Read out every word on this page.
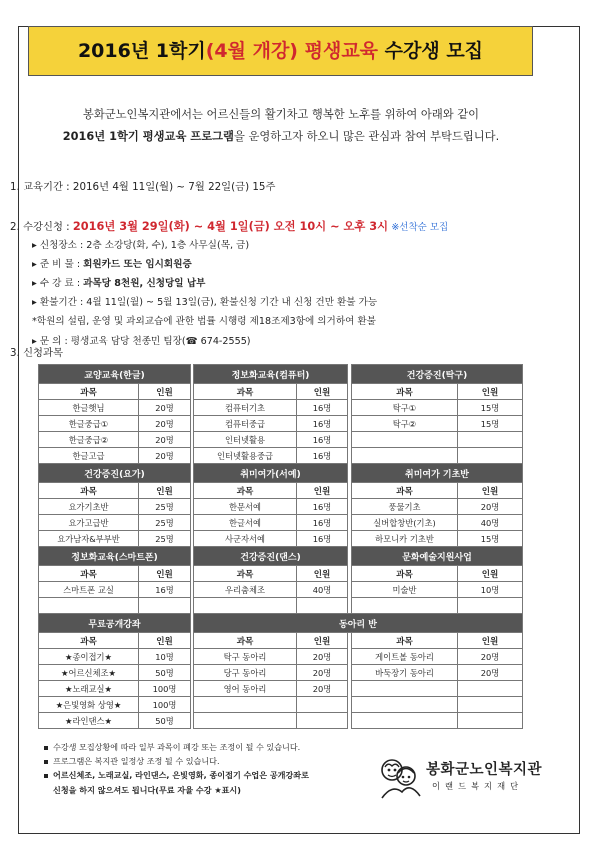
2016년 1학기(4월 개강) 평생교육 수강생 모집
봉화군노인복지관에서는 어르신들의 활기차고 행복한 노후를 위하여 아래와 같이
2016년 1학기 평생교육 프로그램을 운영하고자 하오니 많은 관심과 참여 부탁드립니다.
1. 교육기간 : 2016년 4월 11일(월) ~ 7월 22일(금) 15주
2. 수강신청 : 2016년 3월 29일(화) ~ 4월 1일(금) 오전 10시 ~ 오후 3시 ※선착순 모집
▸ 신청장소 : 2층 소강당(화, 수), 1층 사무실(목, 금)
▸ 준 비 물 : 회원카드 또는 임시회원증
▸ 수 강 료 : 과목당 8천원, 신청당일 납부
▸ 환불기간 : 4월 11일(월) ~ 5월 13일(금), 환불신청 기간 내 신청 건만 환불 가능
*학원의 설립, 운영 및 과외교습에 관한 법률 시행령 제18조제3항에 의거하여 환불
▸ 문 의 : 평생교육 담당 천종민 팀장(☎ 674-2555)
3. 신청과목
교양교육(한글)			정보화교육(컴퓨터)			건강증진(탁구)	
과목	인원		과목	인원		과목	인원
한글햇님	20명		컴퓨터기초	16명		탁구①	15명
한글중급①	20명		컴퓨터중급	16명		탁구②	15명
한글중급②	20명		인터넷활용	16명			
한글고급	20명		인터넷활용중급	16명			
건강증진(요가)			취미여가(서예)			취미여가 기초반	
과목	인원		과목	인원		과목	인원
요가기초반	25명		한문서예	16명		풍물기초	20명
요가고급반	25명		한글서예	16명		실버합창반(기초)	40명
요가남자&부부반	25명		사군자서예	16명		하모니카 기초반	15명
정보화교육(스마트폰)			건강증진(댄스)			문화예술지원사업	
과목	인원		과목	인원		과목	인원
스마트폰 교실	16명		우리춤체조	40명		미술반	10명

무료공개강좌			동아리 반				
과목	인원		과목	인원		과목	인원
★종이접기★	10명		탁구 동아리	20명		게이트볼 동아리	20명
★어르신체조★	50명		당구 동아리	20명		바둑장기 동아리	20명
★노래교실★	100명		영어 동아리	20명			
★은빛영화 상영★	100명						
★라인댄스★	50명						
수강생 모집상황에 따라 일부 과목이 폐강 또는 조정이 될 수 있습니다.
프로그램은 복지관 일정상 조정 될 수 있습니다.
어르신체조, 노래교실, 라인댄스, 은빛영화, 종이접기 수업은 공개강좌로
신청을 하지 않으셔도 됩니다(무료 자율 수강 ★표시)
봉화군노인복지관
이랜드복지재단
